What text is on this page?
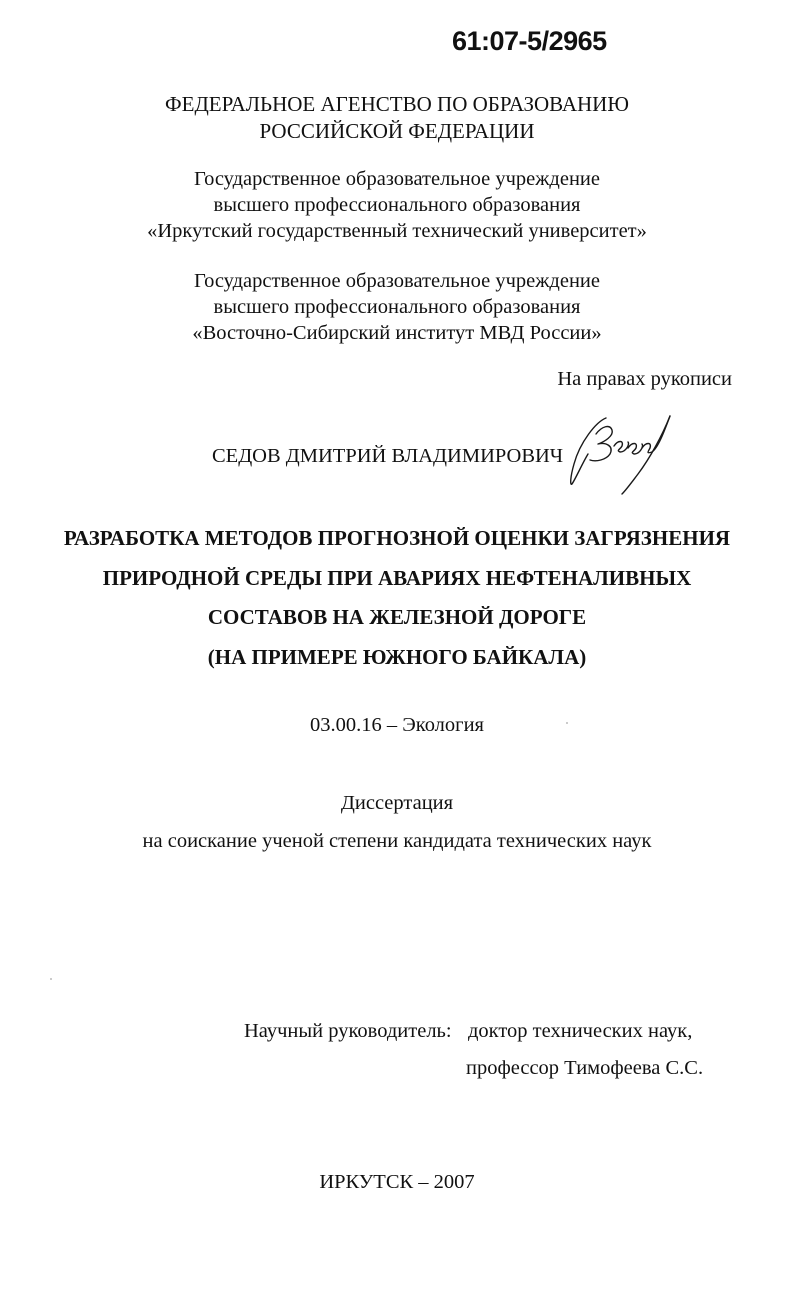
61:07-5/2965
ФЕДЕРАЛЬНОЕ АГЕНСТВО ПО ОБРАЗОВАНИЮ
РОССИЙСКОЙ ФЕДЕРАЦИИ
Государственное образовательное учреждение
высшего профессионального образования
«Иркутский государственный технический университет»
Государственное образовательное учреждение
высшего профессионального образования
«Восточно-Сибирский институт МВД России»
На правах рукописи
СЕДОВ ДМИТРИЙ ВЛАДИМИРОВИЧ
РАЗРАБОТКА МЕТОДОВ ПРОГНОЗНОЙ ОЦЕНКИ ЗАГРЯЗНЕНИЯ
ПРИРОДНОЙ СРЕДЫ ПРИ АВАРИЯХ НЕФТЕНАЛИВНЫХ
СОСТАВОВ НА ЖЕЛЕЗНОЙ ДОРОГЕ
(НА ПРИМЕРЕ ЮЖНОГО БАЙКАЛА)
03.00.16 – Экология
Диссертация
на соискание ученой степени кандидата технических наук
Научный руководитель: доктор технических наук,
профессор Тимофеева С.С.
ИРКУТСК – 2007
